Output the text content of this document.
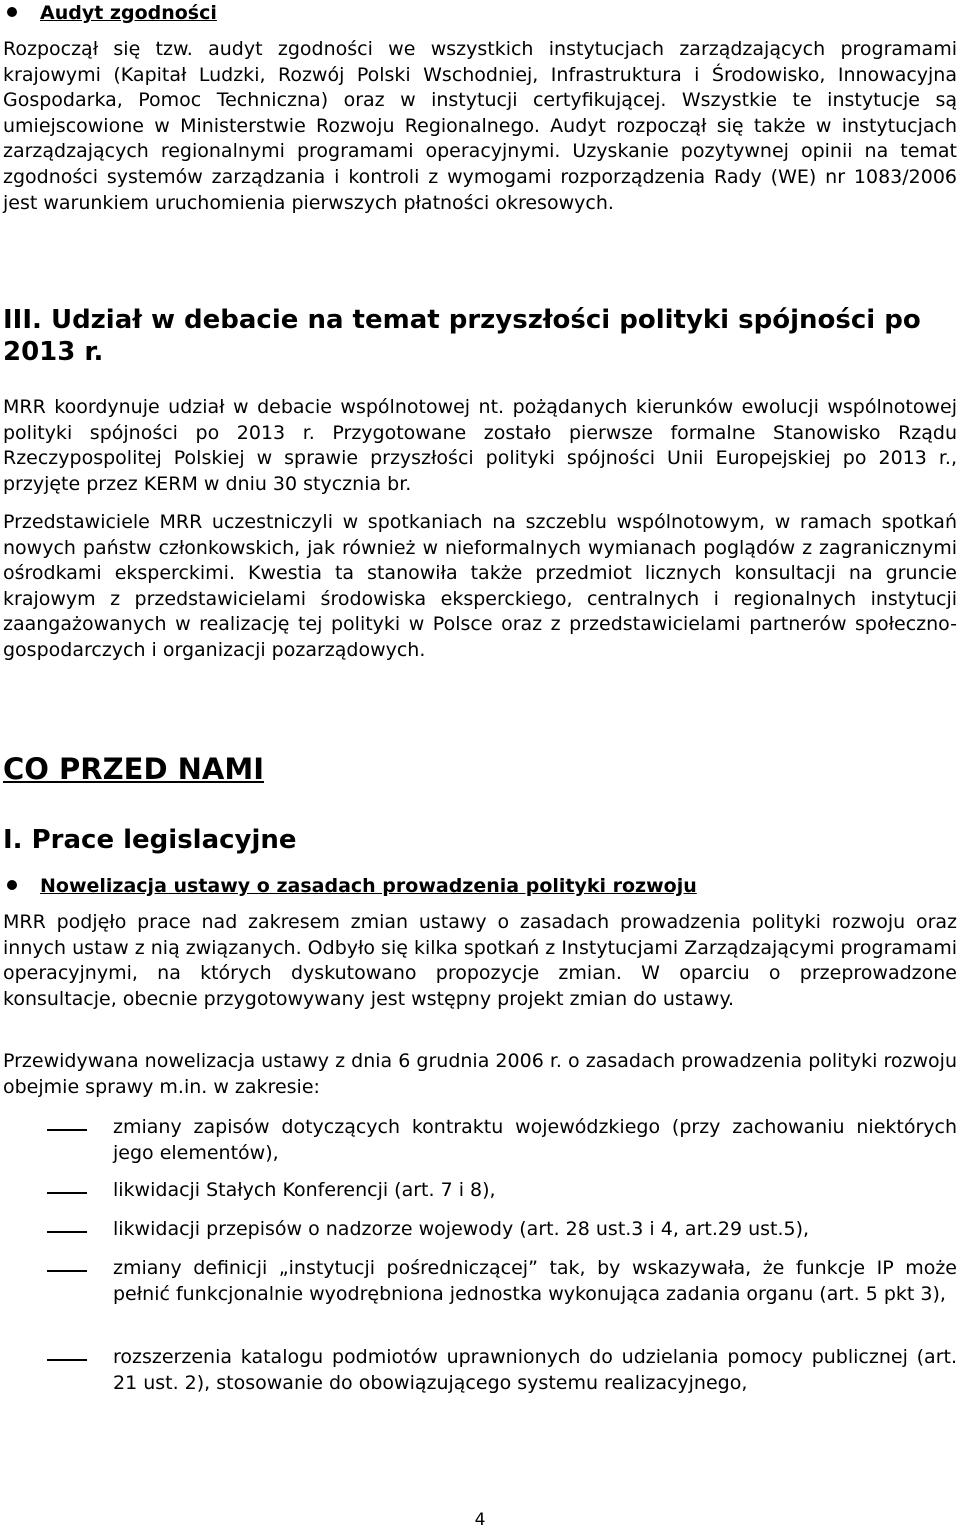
Audyt zgodności

Rozpoczął się tzw. audyt zgodności we wszystkich instytucjach zarządzających programami krajowymi (Kapitał Ludzki, Rozwój Polski Wschodniej, Infrastruktura i Środowisko, Innowacyjna Gospodarka, Pomoc Techniczna) oraz w instytucji certyfikującej. Wszystkie te instytucje są umiejscowione w Ministerstwie Rozwoju Regionalnego. Audyt rozpoczął się także w instytucjach zarządzających regionalnymi programami operacyjnymi. Uzyskanie pozytywnej opinii na temat zgodności systemów zarządzania i kontroli z wymogami rozporządzenia Rady (WE) nr 1083/2006 jest warunkiem uruchomienia pierwszych płatności okresowych.

III. Udział w debacie na temat przyszłości polityki spójności po 2013 r.

MRR koordynuje udział w debacie wspólnotowej nt. pożądanych kierunków ewolucji wspólnotowej polityki spójności po 2013 r. Przygotowane zostało pierwsze formalne Stanowisko Rządu Rzeczypospolitej Polskiej w sprawie przyszłości polityki spójności Unii Europejskiej po 2013 r., przyjęte przez KERM w dniu 30 stycznia br.

Przedstawiciele MRR uczestniczyli w spotkaniach na szczeblu wspólnotowym, w ramach spotkań nowych państw członkowskich, jak również w nieformalnych wymianach poglądów z zagranicznymi ośrodkami eksperckimi. Kwestia ta stanowiła także przedmiot licznych konsultacji na gruncie krajowym z przedstawicielami środowiska eksperckiego, centralnych i regionalnych instytucji zaangażowanych w realizację tej polityki w Polsce oraz z przedstawicielami partnerów społeczno-gospodarczych i organizacji pozarządowych.

CO PRZED NAMI
I. Prace legislacyjne
Nowelizacja ustawy o zasadach prowadzenia polityki rozwoju

MRR podjęło prace nad zakresem zmian ustawy o zasadach prowadzenia polityki rozwoju oraz innych ustaw z nią związanych. Odbyło się kilka spotkań z Instytucjami Zarządzającymi programami operacyjnymi, na których dyskutowano propozycje zmian. W oparciu o przeprowadzone konsultacje, obecnie przygotowywany jest wstępny projekt zmian do ustawy.

Przewidywana nowelizacja ustawy z dnia 6 grudnia 2006 r. o zasadach prowadzenia polityki rozwoju obejmie sprawy m.in. w zakresie:

zmiany zapisów dotyczących kontraktu wojewódzkiego (przy zachowaniu niektórych jego elementów),
likwidacji Stałych Konferencji (art. 7 i 8),
likwidacji przepisów o nadzorze wojewody (art. 28 ust.3 i 4, art.29 ust.5),
zmiany definicji „instytucji pośredniczącej” tak, by wskazywała, że funkcje IP może pełnić funkcjonalnie wyodrębniona jednostka wykonująca zadania organu (art. 5 pkt 3),
rozszerzenia katalogu podmiotów uprawnionych do udzielania pomocy publicznej (art. 21 ust. 2), stosowanie do obowiązującego systemu realizacyjnego,
4
